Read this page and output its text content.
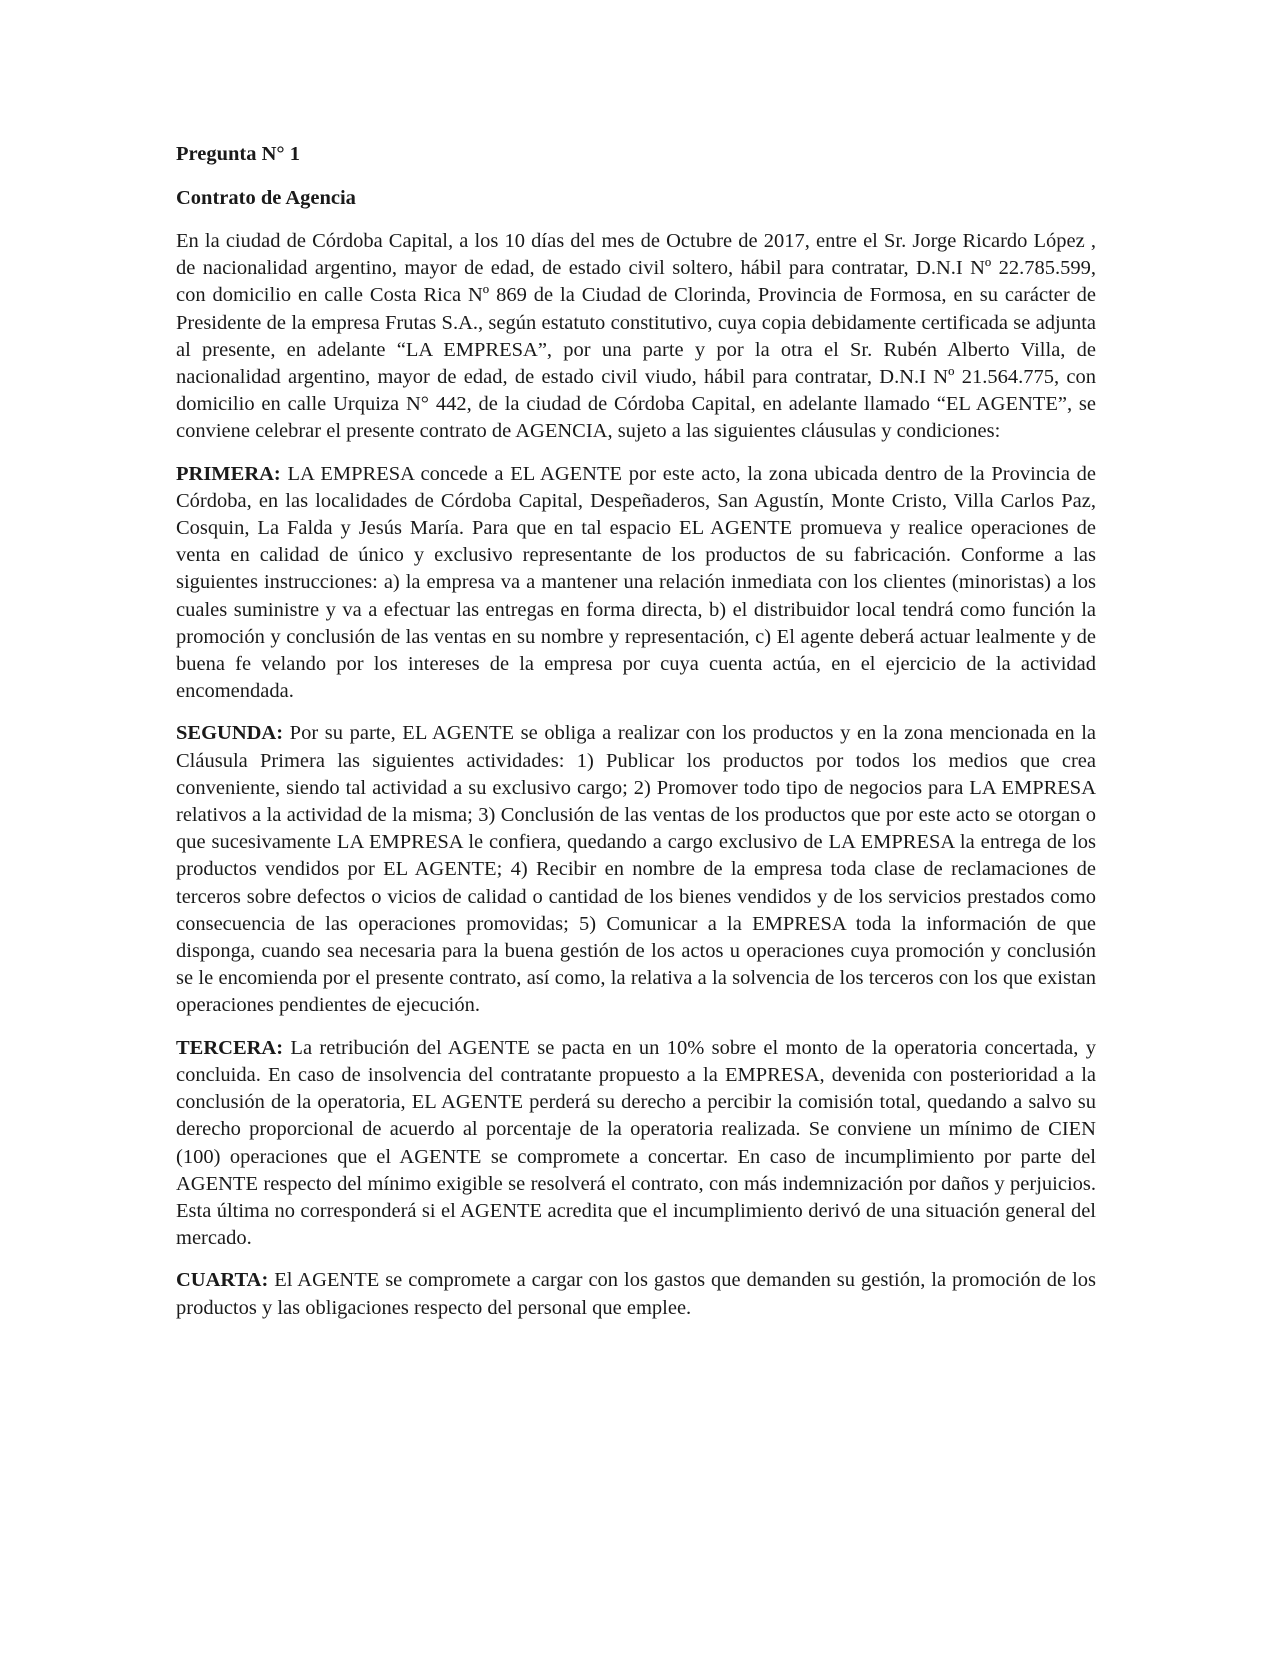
Pregunta N° 1
Contrato de Agencia

En la ciudad de Córdoba Capital, a los 10 días del mes de Octubre de 2017, entre el Sr. Jorge Ricardo López , de nacionalidad argentino, mayor de edad, de estado civil soltero, hábil para contratar, D.N.I Nº 22.785.599, con domicilio en calle Costa Rica Nº 869 de la Ciudad de Clorinda, Provincia de Formosa, en su carácter de Presidente de la empresa Frutas S.A., según estatuto constitutivo, cuya copia debidamente certificada se adjunta al presente, en adelante “LA EMPRESA”, por una parte y por la otra el Sr. Rubén Alberto Villa, de nacionalidad argentino, mayor de edad, de estado civil viudo, hábil para contratar, D.N.I Nº 21.564.775, con domicilio en calle Urquiza N° 442, de la ciudad de Córdoba Capital, en adelante llamado “EL AGENTE”, se conviene celebrar el presente contrato de AGENCIA, sujeto a las siguientes cláusulas y condiciones:

PRIMERA: LA EMPRESA concede a EL AGENTE por este acto, la zona ubicada dentro de la Provincia de Córdoba, en las localidades de Córdoba Capital, Despeñaderos, San Agustín, Monte Cristo, Villa Carlos Paz, Cosquin, La Falda y Jesús María. Para que en tal espacio EL AGENTE promueva y realice operaciones de venta en calidad de único y exclusivo representante de los productos de su fabricación. Conforme a las siguientes instrucciones: a) la empresa va a mantener una relación inmediata con los clientes (minoristas) a los cuales suministre y va a efectuar las entregas en forma directa, b) el distribuidor local tendrá como función la promoción y conclusión de las ventas en su nombre y representación, c) El agente deberá actuar lealmente y de buena fe velando por los intereses de la empresa por cuya cuenta actúa, en el ejercicio de la actividad encomendada.

SEGUNDA: Por su parte, EL AGENTE se obliga a realizar con los productos y en la zona mencionada en la Cláusula Primera las siguientes actividades: 1) Publicar los productos por todos los medios que crea conveniente, siendo tal actividad a su exclusivo cargo; 2) Promover todo tipo de negocios para LA EMPRESA relativos a la actividad de la misma; 3) Conclusión de las ventas de los productos que por este acto se otorgan o que sucesivamente LA EMPRESA le confiera, quedando a cargo exclusivo de LA EMPRESA la entrega de los productos vendidos por EL AGENTE; 4) Recibir en nombre de la empresa toda clase de reclamaciones de terceros sobre defectos o vicios de calidad o cantidad de los bienes vendidos y de los servicios prestados como consecuencia de las operaciones promovidas; 5) Comunicar a la EMPRESA toda la información de que disponga, cuando sea necesaria para la buena gestión de los actos u operaciones cuya promoción y conclusión se le encomienda por el presente contrato, así como, la relativa a la solvencia de los terceros con los que existan operaciones pendientes de ejecución.

TERCERA: La retribución del AGENTE se pacta en un 10% sobre el monto de la operatoria concertada, y concluida. En caso de insolvencia del contratante propuesto a la EMPRESA, devenida con posterioridad a la conclusión de la operatoria, EL AGENTE perderá su derecho a percibir la comisión total, quedando a salvo su derecho proporcional de acuerdo al porcentaje de la operatoria realizada. Se conviene un mínimo de CIEN (100) operaciones que el AGENTE se compromete a concertar. En caso de incumplimiento por parte del AGENTE respecto del mínimo exigible se resolverá el contrato, con más indemnización por daños y perjuicios. Esta última no corresponderá si el AGENTE acredita que el incumplimiento derivó de una situación general del mercado.

CUARTA: El AGENTE se compromete a cargar con los gastos que demanden su gestión, la promoción de los productos y las obligaciones respecto del personal que emplee.
